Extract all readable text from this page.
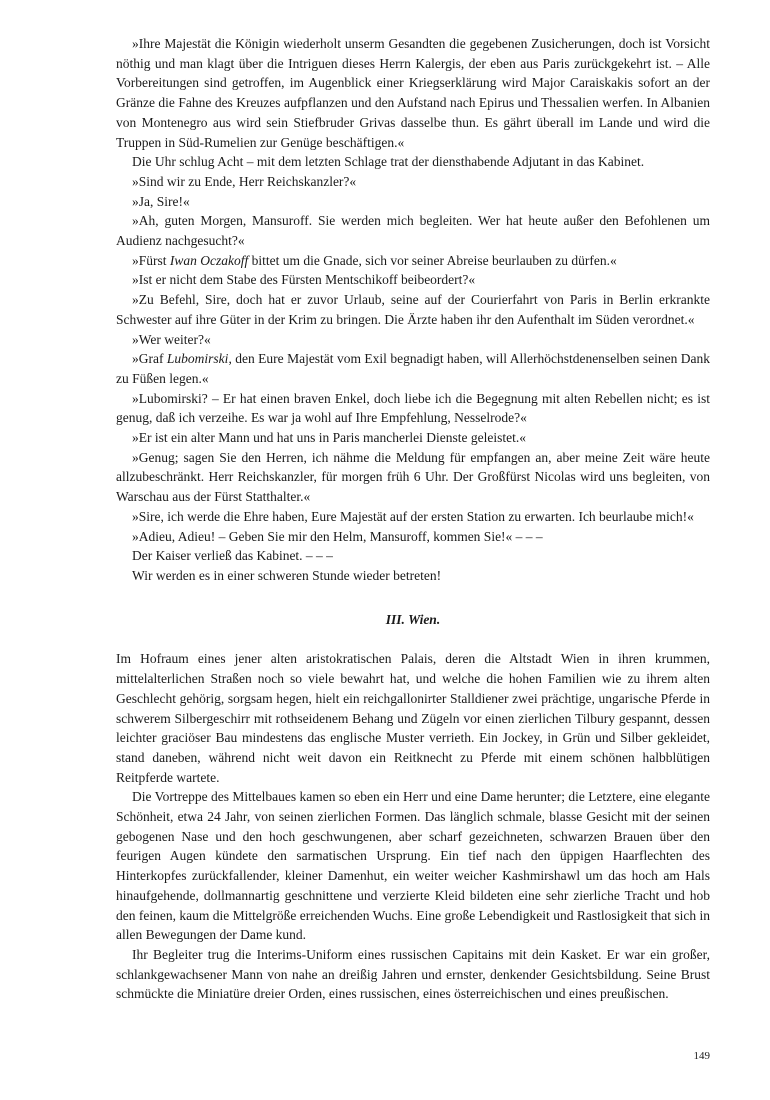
»Ihre Majestät die Königin wiederholt unserm Gesandten die gegebenen Zusicherungen, doch ist Vorsicht nöthig und man klagt über die Intriguen dieses Herrn Kalergis, der eben aus Paris zurückgekehrt ist. – Alle Vorbereitungen sind getroffen, im Augenblick einer Kriegserklärung wird Major Caraiskakis sofort an der Gränze die Fahne des Kreuzes aufpflanzen und den Aufstand nach Epirus und Thessalien werfen. In Albanien von Montenegro aus wird sein Stiefbruder Grivas dasselbe thun. Es gährt überall im Lande und wird die Truppen in Süd-Rumelien zur Genüge beschäftigen.«

Die Uhr schlug Acht – mit dem letzten Schlage trat der diensthabende Adjutant in das Kabinet.

»Sind wir zu Ende, Herr Reichskanzler?«

»Ja, Sire!«

»Ah, guten Morgen, Mansuroff. Sie werden mich begleiten. Wer hat heute außer den Befohlenen um Audienz nachgesucht?«

»Fürst Iwan Oczakoff bittet um die Gnade, sich vor seiner Abreise beurlauben zu dürfen.«

»Ist er nicht dem Stabe des Fürsten Mentschikoff beibeordert?«

»Zu Befehl, Sire, doch hat er zuvor Urlaub, seine auf der Courierfahrt von Paris in Berlin erkrankte Schwester auf ihre Güter in der Krim zu bringen. Die Ärzte haben ihr den Aufenthalt im Süden verordnet.«

»Wer weiter?«

»Graf Lubomirski, den Eure Majestät vom Exil begnadigt haben, will Allerhöchstdenenselben seinen Dank zu Füßen legen.«

»Lubomirski? – Er hat einen braven Enkel, doch liebe ich die Begegnung mit alten Rebellen nicht; es ist genug, daß ich verzeihe. Es war ja wohl auf Ihre Empfehlung, Nesselrode?«

»Er ist ein alter Mann und hat uns in Paris mancherlei Dienste geleistet.«

»Genug; sagen Sie den Herren, ich nähme die Meldung für empfangen an, aber meine Zeit wäre heute allzubeschränkt. Herr Reichskanzler, für morgen früh 6 Uhr. Der Großfürst Nicolas wird uns begleiten, von Warschau aus der Fürst Statthalter.«

»Sire, ich werde die Ehre haben, Eure Majestät auf der ersten Station zu erwarten. Ich beurlaube mich!«

»Adieu, Adieu! – Geben Sie mir den Helm, Mansuroff, kommen Sie!« – – –

Der Kaiser verließ das Kabinet. – – –

Wir werden es in einer schweren Stunde wieder betreten!

III. Wien.

Im Hofraum eines jener alten aristokratischen Palais, deren die Altstadt Wien in ihren krummen, mittelalterlichen Straßen noch so viele bewahrt hat, und welche die hohen Familien wie zu ihrem alten Geschlecht gehörig, sorgsam hegen, hielt ein reichgallonirter Stalldiener zwei prächtige, ungarische Pferde in schwerem Silbergeschirr mit rothseidenem Behang und Zügeln vor einen zierlichen Tilbury gespannt, dessen leichter graciöser Bau mindestens das englische Muster verrieth. Ein Jockey, in Grün und Silber gekleidet, stand daneben, während nicht weit davon ein Reitknecht zu Pferde mit einem schönen halbblütigen Reitpferde wartete.

Die Vortreppe des Mittelbaues kamen so eben ein Herr und eine Dame herunter; die Letztere, eine elegante Schönheit, etwa 24 Jahr, von seinen zierlichen Formen. Das länglich schmale, blasse Gesicht mit der seinen gebogenen Nase und den hoch geschwungenen, aber scharf gezeichneten, schwarzen Brauen über den feurigen Augen kündete den sarmatischen Ursprung. Ein tief nach den üppigen Haarflechten des Hinterkopfes zurückfallender, kleiner Damenhut, ein weiter weicher Kashmirshawl um das hoch am Hals hinaufgehende, dollmannartig geschnittene und verzierte Kleid bildeten eine sehr zierliche Tracht und hob den feinen, kaum die Mittelgröße erreichenden Wuchs. Eine große Lebendigkeit und Rastlosigkeit that sich in allen Bewegungen der Dame kund.

Ihr Begleiter trug die Interims-Uniform eines russischen Capitains mit dein Kasket. Er war ein großer, schlankgewachsener Mann von nahe an dreißig Jahren und ernster, denkender Gesichtsbildung. Seine Brust schmückte die Miniatüre dreier Orden, eines russischen, eines österreichischen und eines preußischen.

149
